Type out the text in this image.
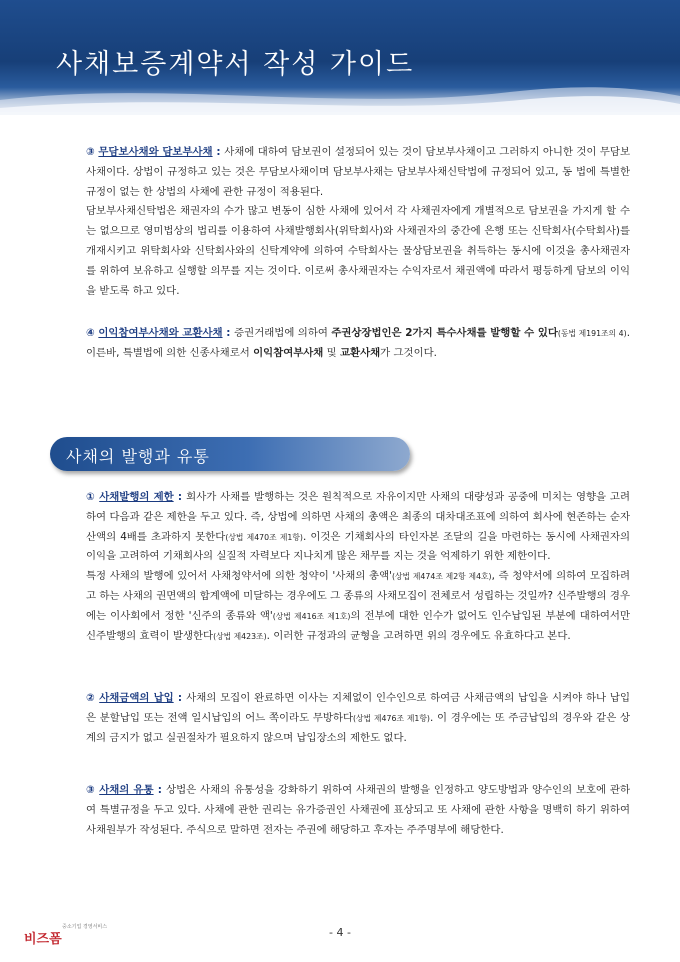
사채보증계약서 작성 가이드
③ 무담보사채와 담보부사채 : 사채에 대하여 담보권이 설정되어 있는 것이 담보부사채이고 그러하지 아니한 것이 무담보사채이다. 상법이 규정하고 있는 것은 무담보사채이며 담보부사채는 담보부사채신탁법에 규정되어 있고, 동 법에 특별한 규정이 없는 한 상법의 사채에 관한 규정이 적용된다.
담보부사채신탁법은 채권자의 수가 많고 변동이 심한 사채에 있어서 각 사채권자에게 개별적으로 담보권을 가지게 할 수는 없으므로 영미법상의 법리를 이용하여 사채발행회사(위탁회사)와 사채권자의 중간에 은행 또는 신탁회사(수탁회사)를 개재시키고 위탁회사와 신탁회사와의 신탁계약에 의하여 수탁회사는 물상담보권을 취득하는 동시에 이것을 총사채권자를 위하여 보유하고 실행할 의무를 지는 것이다. 이로써 총사채권자는 수익자로서 채권액에 따라서 평등하게 담보의 이익을 받도록 하고 있다.
④ 이익참여부사채와 교환사채 : 증권거래법에 의하여 주권상장법인은 2가지 특수사채를 발행할 수 있다(동법 제191조의 4). 이른바, 특별법에 의한 신종사채로서 이익참여부사채 및 교환사채가 그것이다.
사채의 발행과 유통
① 사채발행의 제한 : 회사가 사채를 발행하는 것은 원칙적으로 자유이지만 사채의 대량성과 공중에 미치는 영향을 고려하여 다음과 같은 제한을 두고 있다. 즉, 상법에 의하면 사채의 총액은 최종의 대차대조표에 의하여 회사에 현존하는 순자산액의 4배를 초과하지 못한다(상법 제470조 제1항). 이것은 기채회사의 타인자본 조달의 길을 마련하는 동시에 사채권자의 이익을 고려하여 기채회사의 실질적 자력보다 지나치게 많은 채무를 지는 것을 억제하기 위한 제한이다.
특정 사채의 발행에 있어서 사채청약서에 의한 청약이 '사채의 총액'(상법 제474조 제2항 제4호), 즉 청약서에 의하여 모집하려고 하는 사채의 권면액의 합계액에 미달하는 경우에도 그 종류의 사채모집이 전체로서 성립하는 것일까? 신주발행의 경우에는 이사회에서 정한 '신주의 종류와 액'(상법 제416조 제1호)의 전부에 대한 인수가 없어도 인수납입된 부분에 대하여서만 신주발행의 효력이 발생한다(상법 제423조). 이러한 규정과의 균형을 고려하면 위의 경우에도 유효하다고 본다.
② 사채금액의 납입 : 사채의 모집이 완료하면 이사는 지체없이 인수인으로 하여금 사채금액의 납입을 시켜야 하나 납입은 분할납입 또는 전액 일시납입의 어느 쪽이라도 무방하다(상법 제476조 제1항). 이 경우에는 또 주금납입의 경우와 같은 상계의 금지가 없고 실권절차가 필요하지 않으며 납입장소의 제한도 없다.
③ 사채의 유통 : 상법은 사채의 유통성을 강화하기 위하여 사채권의 발행을 인정하고 양도방법과 양수인의 보호에 관하여 특별규정을 두고 있다. 사채에 관한 권리는 유가증권인 사채권에 표상되고 또 사채에 관한 사항을 명백히 하기 위하여 사채원부가 작성된다. 주식으로 말하면 전자는 주권에 해당하고 후자는 주주명부에 해당한다.
비즈폼
중소기업 경영서비스	- 4 -
